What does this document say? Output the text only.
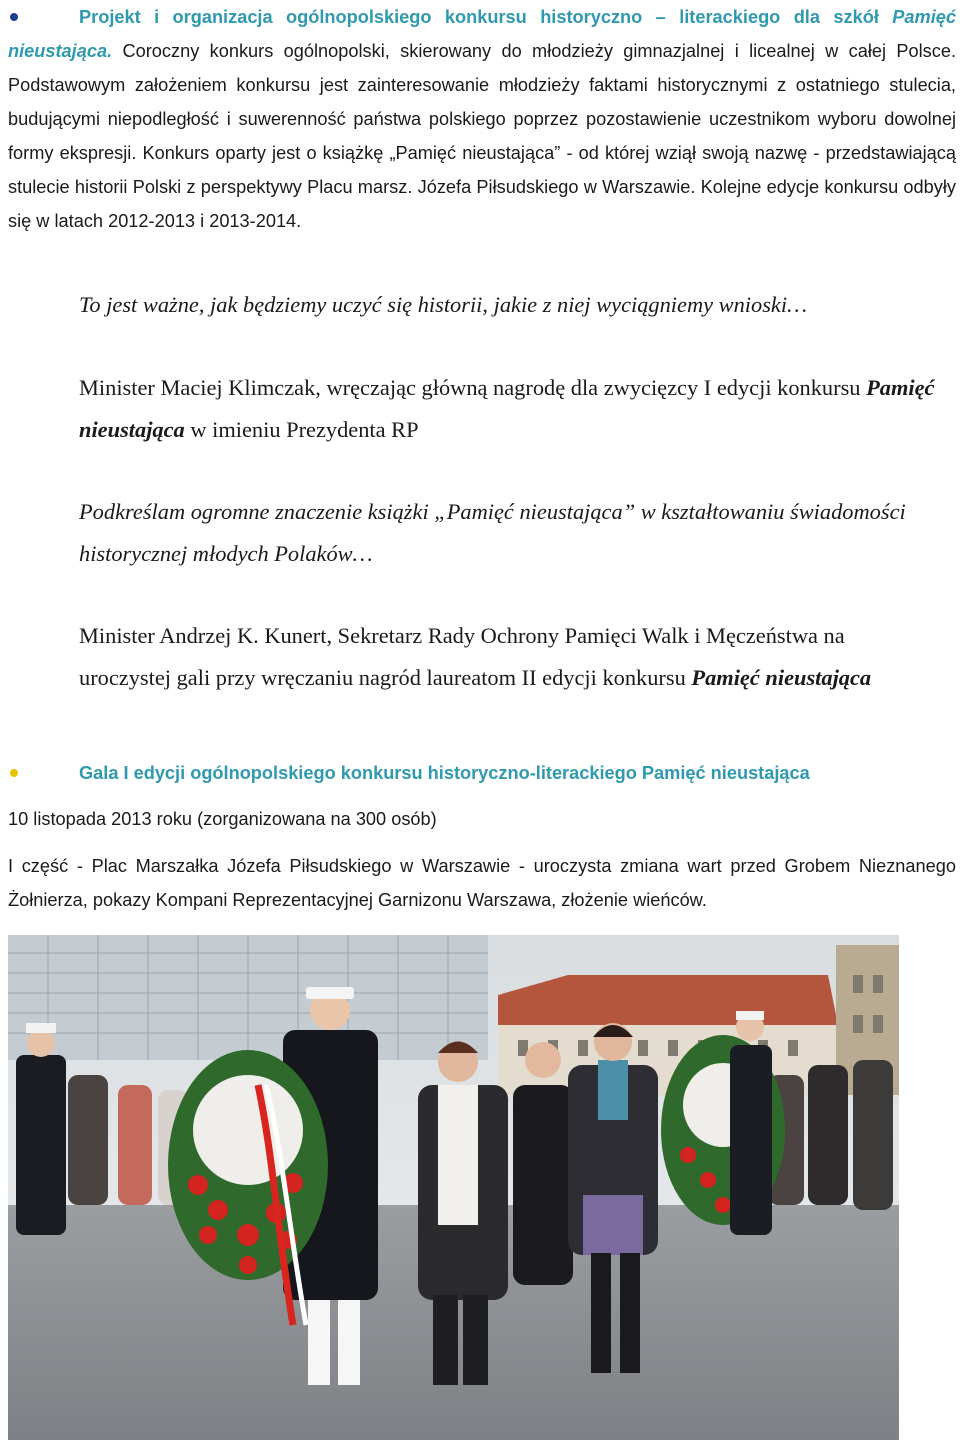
Projekt i organizacja ogólnopolskiego konkursu historyczno – literackiego dla szkół Pamięć nieustająca. Coroczny konkurs ogólnopolski, skierowany do młodzieży gimnazjalnej i licealnej w całej Polsce. Podstawowym założeniem konkursu jest zainteresowanie młodzieży faktami historycznymi z ostatniego stulecia, budującymi niepodległość i suwerenność państwa polskiego poprzez pozostawienie uczestnikom wyboru dowolnej formy ekspresji. Konkurs oparty jest o książkę „Pamięć nieustająca” - od której wziął swoją nazwę - przedstawiającą stulecie historii Polski z perspektywy Placu marsz. Józefa Piłsudskiego w Warszawie. Kolejne edycje konkursu odbyły się w latach 2012-2013 i 2013-2014.

To jest ważne, jak będziemy uczyć się historii, jakie z niej wyciągniemy wnioski…

Minister Maciej Klimczak, wręczając główną nagrodę dla zwycięzcy I edycji konkursu Pamięć nieustająca w imieniu Prezydenta RP

Podkreślam ogromne znaczenie książki „Pamięć nieustająca” w kształtowaniu świadomości historycznej młodych Polaków…

Minister Andrzej K. Kunert, Sekretarz Rady Ochrony Pamięci Walk i Męczeństwa na uroczystej gali przy wręczaniu nagród laureatom II edycji konkursu Pamięć nieustająca

Gala I edycji ogólnopolskiego konkursu historyczno-literackiego Pamięć nieustająca

10 listopada 2013 roku (zorganizowana na 300 osób)

I część - Plac Marszałka Józefa Piłsudskiego w Warszawie - uroczysta zmiana wart przed Grobem Nieznanego Żołnierza, pokazy Kompani Reprezentacyjnej Garnizonu Warszawa, złożenie wieńców.
